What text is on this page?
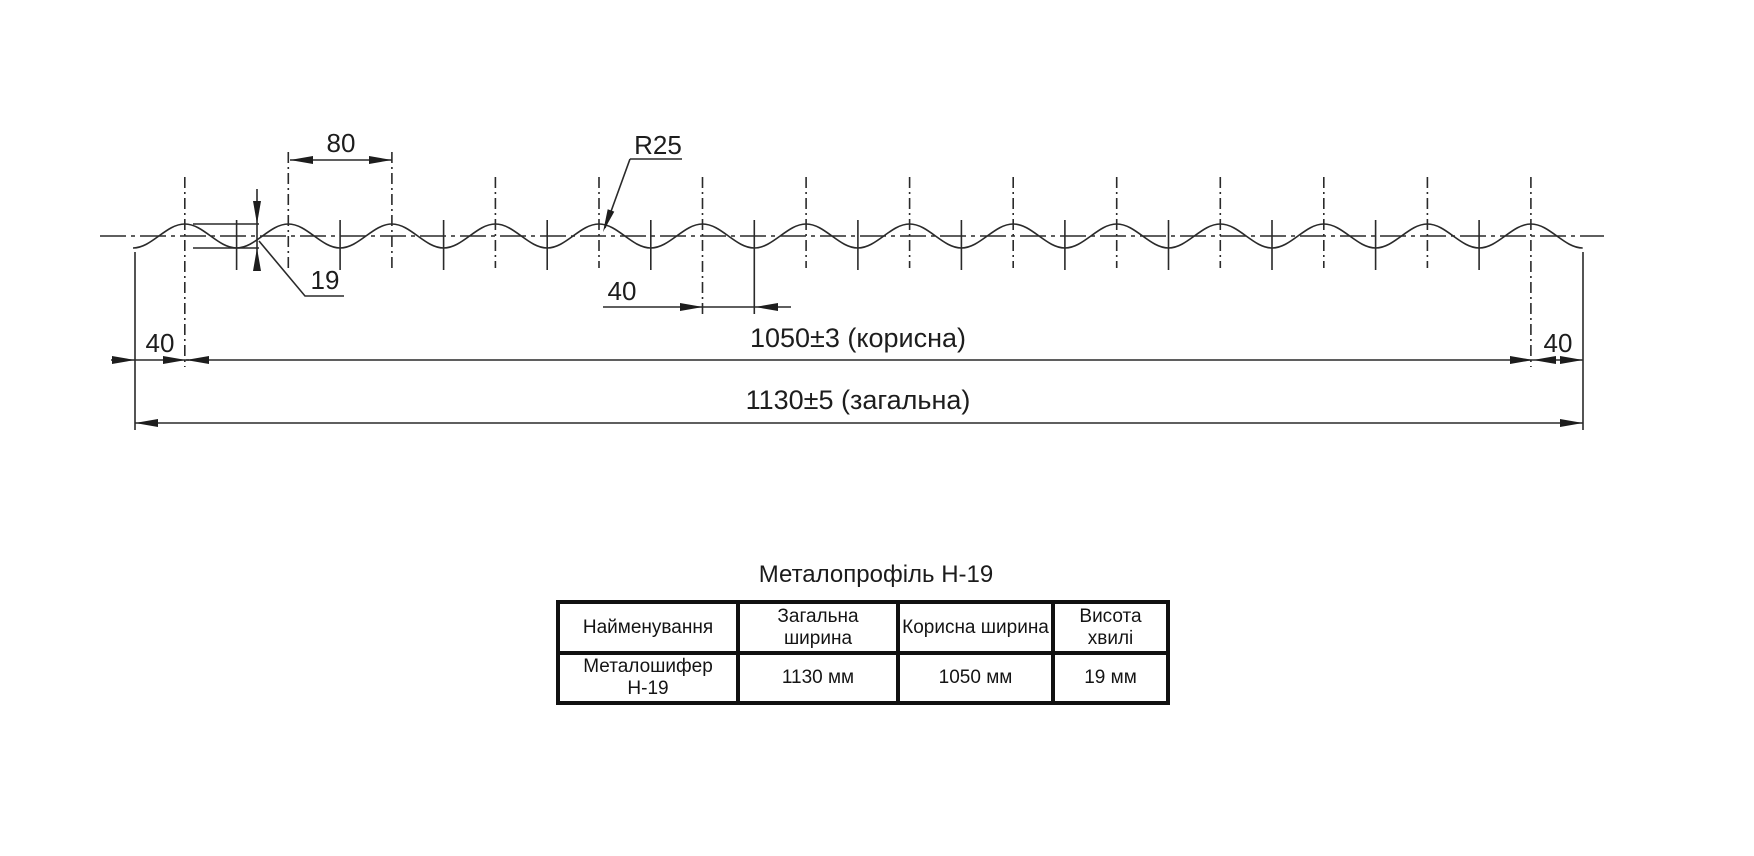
80	R25
19
40
40
40
1050±3 (корисна)
1130±5 (загальна)
Металопрофіль Н-19
Найменування	Загальна ширина	Корисна ширина	Висота хвилі
Металошифер Н-19	1130 мм	1050 мм	19 мм
